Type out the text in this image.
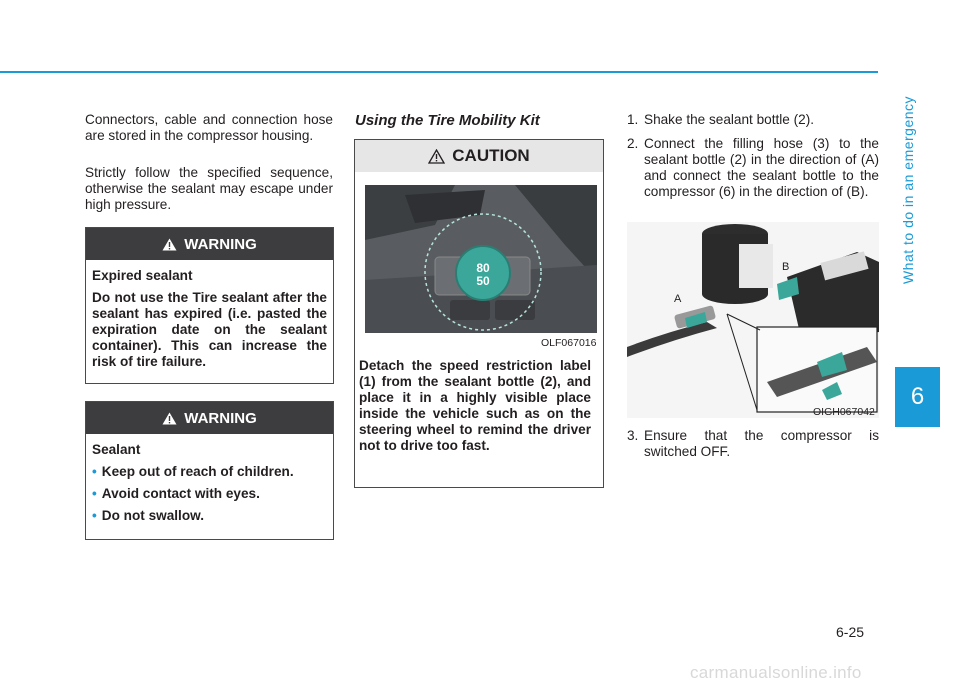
What to do in an emergency
6

Connectors, cable and connection hose are stored in the compressor housing.

Strictly follow the specified sequence, otherwise the sealant may escape under high pressure.

WARNING

Expired sealant

Do not use the Tire sealant after the sealant has expired (i.e. pasted the expiration date on the sealant container). This can increase the risk of tire failure.

WARNING

Sealant

• Keep out of reach of children.

• Avoid contact with eyes.

• Do not swallow.

Using the Tire Mobility Kit

CAUTION
80
50
OLF067016
Detach the speed restriction label (1) from the sealant bottle (2), and place it in a highly visible place inside the vehicle such as on the steering wheel to remind the driver not to drive too fast.
1. Shake the sealant bottle (2).
2. Connect the filling hose (3) to the sealant bottle (2) in the direction of (A) and connect the sealant bottle to the compressor (6) in the direction of (B).
A
B
OIGH067042
3. Ensure that the compressor is switched OFF.
6-25
carmanualsonline.info
